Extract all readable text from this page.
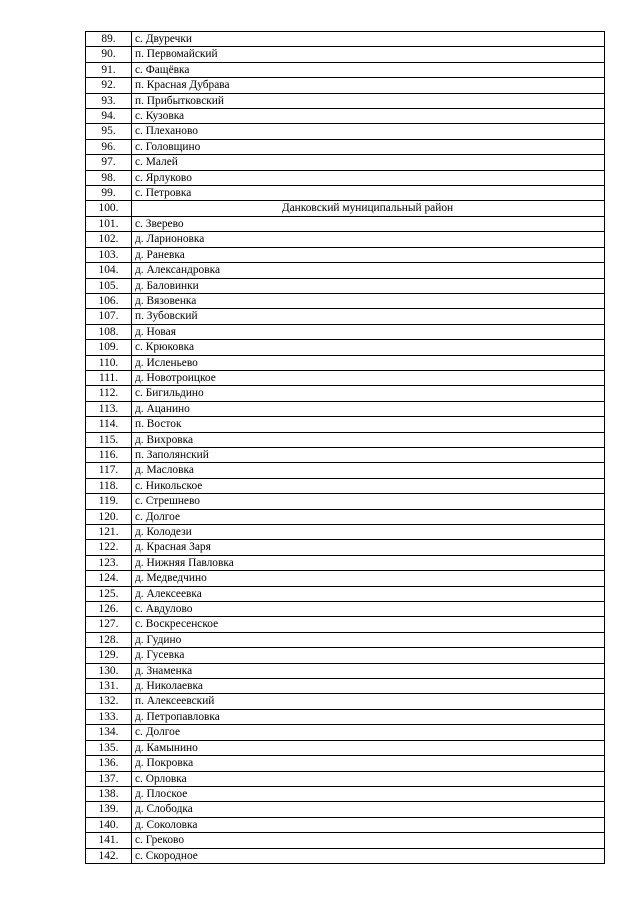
89.	с. Двуречки
90.	п. Первомайский
91.	с. Фащёвка
92.	п. Красная Дубрава
93.	п. Прибытковский
94.	с. Кузовка
95.	с. Плеханово
96.	с. Головщино
97.	с. Малей
98.	с. Ярлуково
99.	с. Петровка
100.	Данковский муниципальный район
101.	с. Зверево
102.	д. Ларионовка
103.	д. Раневка
104.	д. Александровка
105.	д. Баловинки
106.	д. Вязовенка
107.	п. Зубовский
108.	д. Новая
109.	с. Крюковка
110.	д. Исленьево
111.	д. Новотроицкое
112.	с. Бигильдино
113.	д. Ацанино
114.	п. Восток
115.	д. Вихровка
116.	п. Заполянский
117.	д. Масловка
118.	с. Никольское
119.	с. Стрешнево
120.	с. Долгое
121.	д. Колодези
122.	д. Красная Заря
123.	д. Нижняя Павловка
124.	д. Медведчино
125.	д. Алексеевка
126.	с. Авдулово
127.	с. Воскресенское
128.	д. Гудино
129.	д. Гусевка
130.	д. Знаменка
131.	д. Николаевка
132.	п. Алексеевский
133.	д. Петропавловка
134.	с. Долгое
135.	д. Камынино
136.	д. Покровка
137.	с. Орловка
138.	д. Плоское
139.	д. Слободка
140.	д. Соколовка
141.	с. Греково
142.	с. Скородное
